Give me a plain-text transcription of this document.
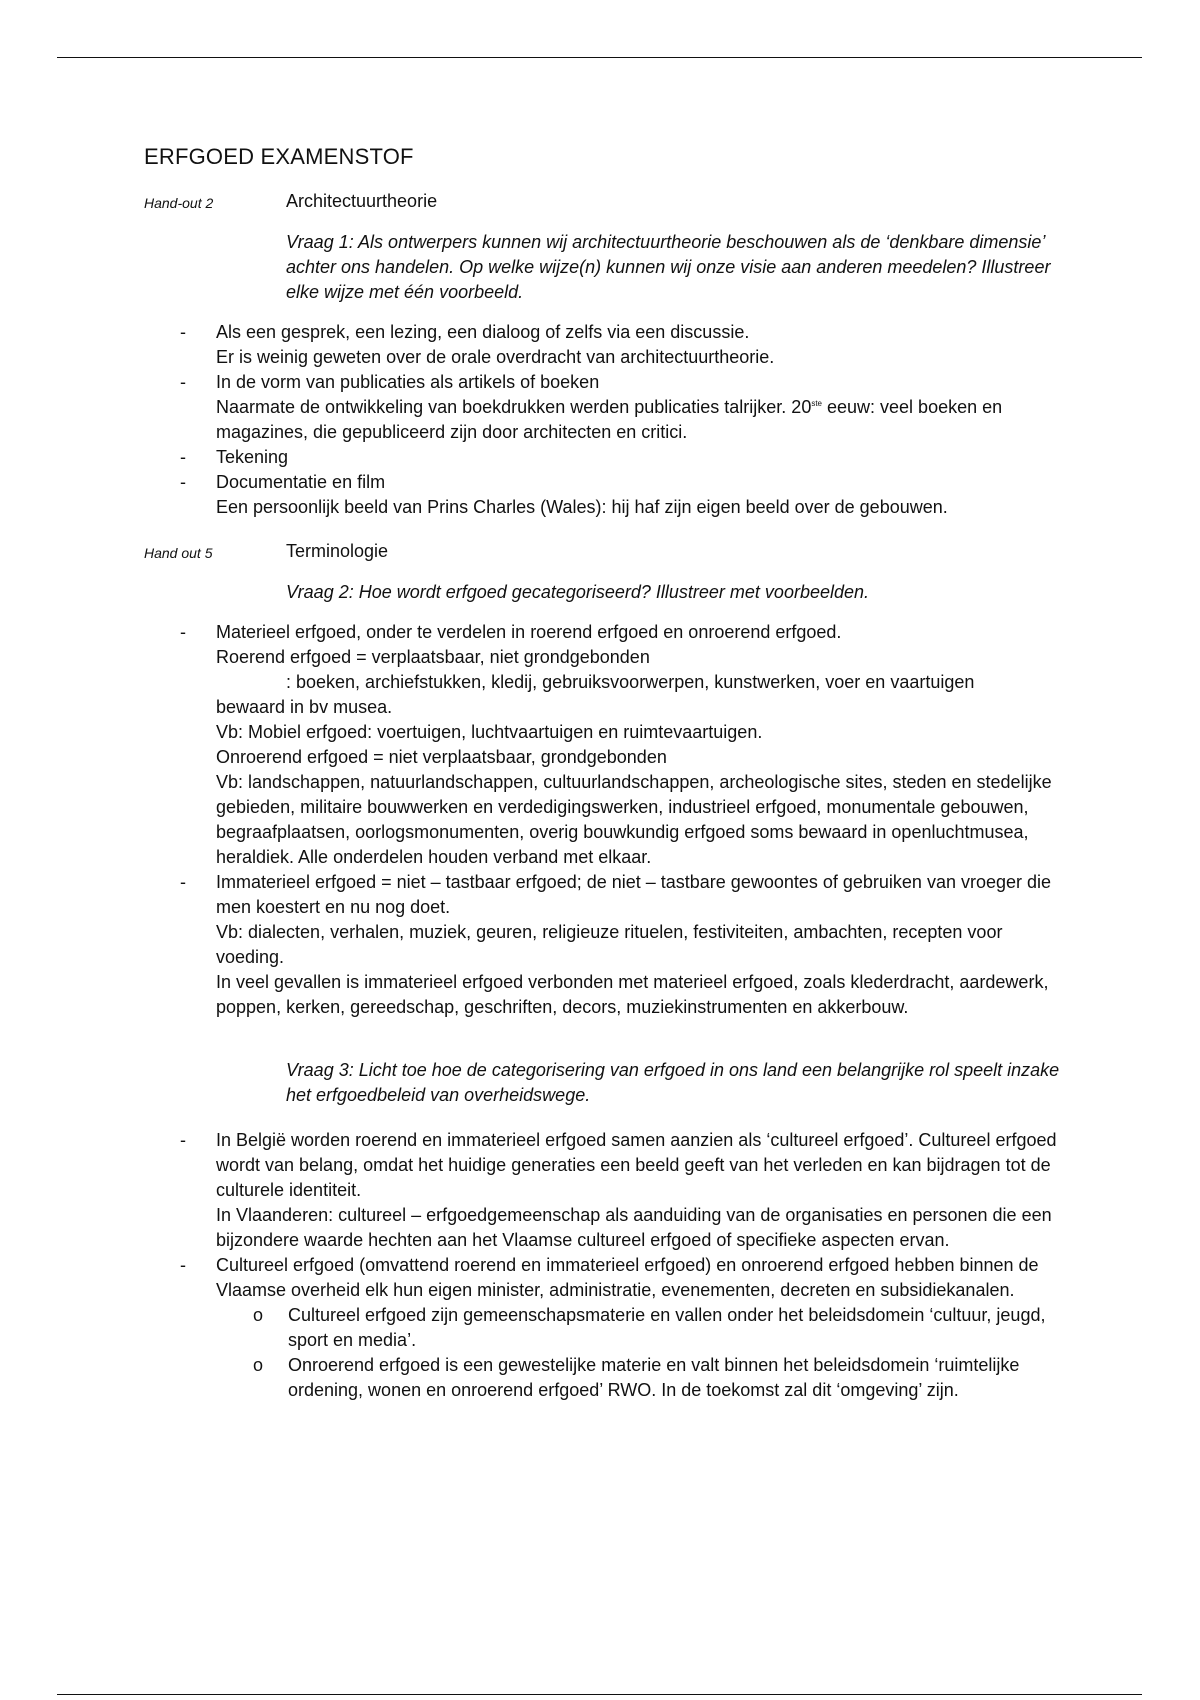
ERFGOED EXAMENSTOF
Hand-out 2	Architectuurtheorie

Vraag 1: Als ontwerpers kunnen wij architectuurtheorie beschouwen als de ‘denkbare dimensie’ achter ons handelen. Op welke wijze(n) kunnen wij onze visie aan anderen meedelen? Illustreer elke wijze met één voorbeeld.

- Als een gesprek, een lezing, een dialoog of zelfs via een discussie.
Er is weinig geweten over de orale overdracht van architectuurtheorie.
- In de vorm van publicaties als artikels of boeken
Naarmate de ontwikkeling van boekdrukken werden publicaties talrijker. 20ste eeuw: veel boeken en magazines, die gepubliceerd zijn door architecten en critici.
- Tekening
- Documentatie en film
Een persoonlijk beeld van Prins Charles (Wales): hij haf zijn eigen beeld over de gebouwen.
Hand out 5	Terminologie

Vraag 2: Hoe wordt erfgoed gecategoriseerd? Illustreer met voorbeelden.

- Materieel erfgoed, onder te verdelen in roerend erfgoed en onroerend erfgoed.
Roerend erfgoed = verplaatsbaar, niet grondgebonden
: boeken, archiefstukken, kledij, gebruiksvoorwerpen, kunstwerken, voer en vaartuigen
bewaard in bv musea.
Vb: Mobiel erfgoed: voertuigen, luchtvaartuigen en ruimtevaartuigen.
Onroerend erfgoed = niet verplaatsbaar, grondgebonden
Vb: landschappen, natuurlandschappen, cultuurlandschappen, archeologische sites, steden en stedelijke gebieden, militaire bouwwerken en verdedigingswerken, industrieel erfgoed, monumentale gebouwen, begraafplaatsen, oorlogsmonumenten, overig bouwkundig erfgoed soms bewaard in openluchtmusea, heraldiek. Alle onderdelen houden verband met elkaar.
- Immaterieel erfgoed = niet – tastbaar erfgoed; de niet – tastbare gewoontes of gebruiken van vroeger die men koestert en nu nog doet.
Vb: dialecten, verhalen, muziek, geuren, religieuze rituelen, festiviteiten, ambachten, recepten voor voeding.
In veel gevallen is immaterieel erfgoed verbonden met materieel erfgoed, zoals klederdracht, aardewerk, poppen, kerken, gereedschap, geschriften, decors, muziekinstrumenten en akkerbouw.

Vraag 3: Licht toe hoe de categorisering van erfgoed in ons land een belangrijke rol speelt inzake het erfgoedbeleid van overheidswege.

- In België worden roerend en immaterieel erfgoed samen aanzien als ‘cultureel erfgoed’. Cultureel erfgoed wordt van belang, omdat het huidige generaties een beeld geeft van het verleden en kan bijdragen tot de culturele identiteit.
In Vlaanderen: cultureel – erfgoedgemeenschap als aanduiding van de organisaties en personen die een bijzondere waarde hechten aan het Vlaamse cultureel erfgoed of specifieke aspecten ervan.
- Cultureel erfgoed (omvattend roerend en immaterieel erfgoed) en onroerend erfgoed hebben binnen de Vlaamse overheid elk hun eigen minister, administratie, evenementen, decreten en subsidiekanalen.
o Cultureel erfgoed zijn gemeenschapsmaterie en vallen onder het beleidsdomein ‘cultuur, jeugd, sport en media’.
o Onroerend erfgoed is een gewestelijke materie en valt binnen het beleidsdomein ‘ruimtelijke ordening, wonen en onroerend erfgoed’ RWO. In de toekomst zal dit ‘omgeving’ zijn.
